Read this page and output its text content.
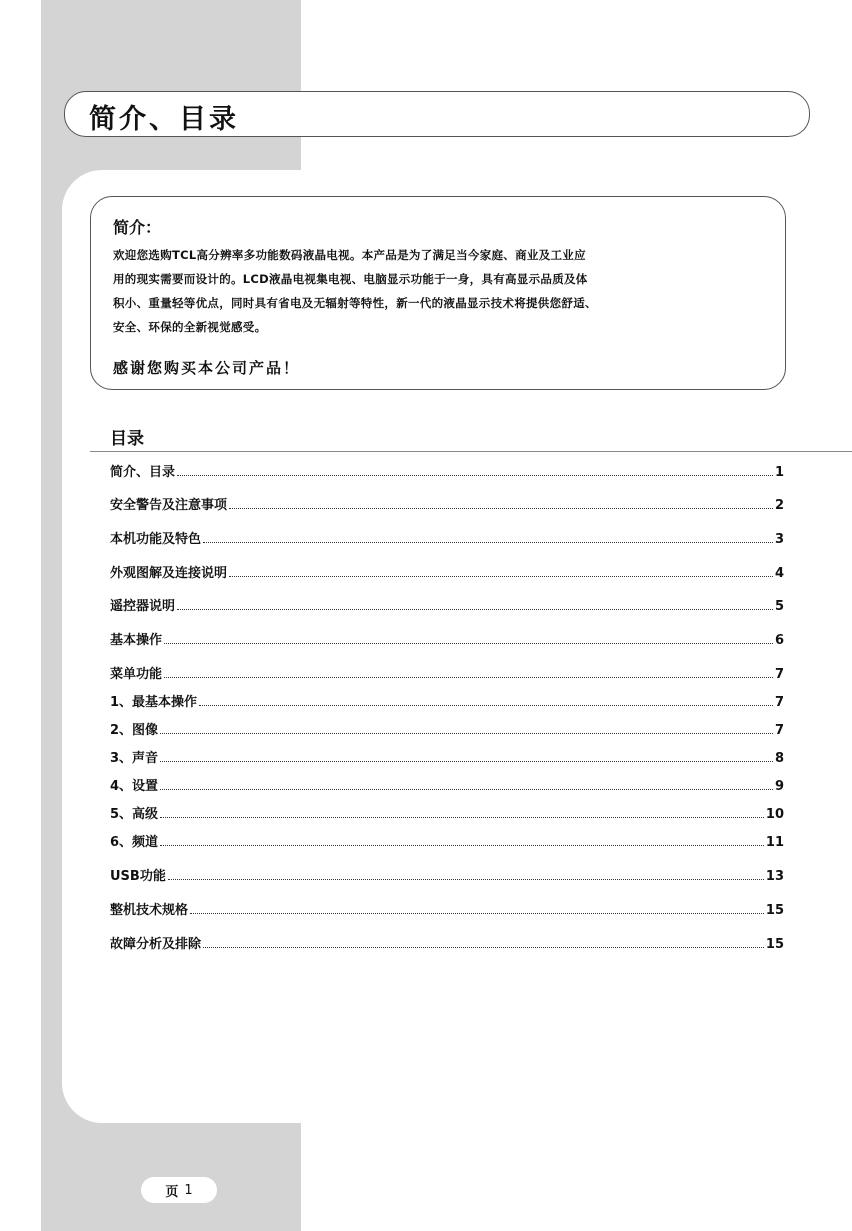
简介、目录
简介：

欢迎您选购TCL高分辨率多功能数码液晶电视。本产品是为了满足当今家庭、商业及工业应

用的现实需要而设计的。LCD液晶电视集电视、电脑显示功能于一身，具有高显示品质及体

积小、重量轻等优点，同时具有省电及无辐射等特性，新一代的液晶显示技术将提供您舒适、

安全、环保的全新视觉感受。

感谢您购买本公司产品！
目录
简介、目录	1
安全警告及注意事项	2
本机功能及特色	3
外观图解及连接说明	4
遥控器说明	5
基本操作	6
菜单功能	7
1、最基本操作	7
2、图像	7
3、声音	8
4、设置	9
5、高级	10
6、频道	11
USB功能	13
整机技术规格	15
故障分析及排除	15
页 1
